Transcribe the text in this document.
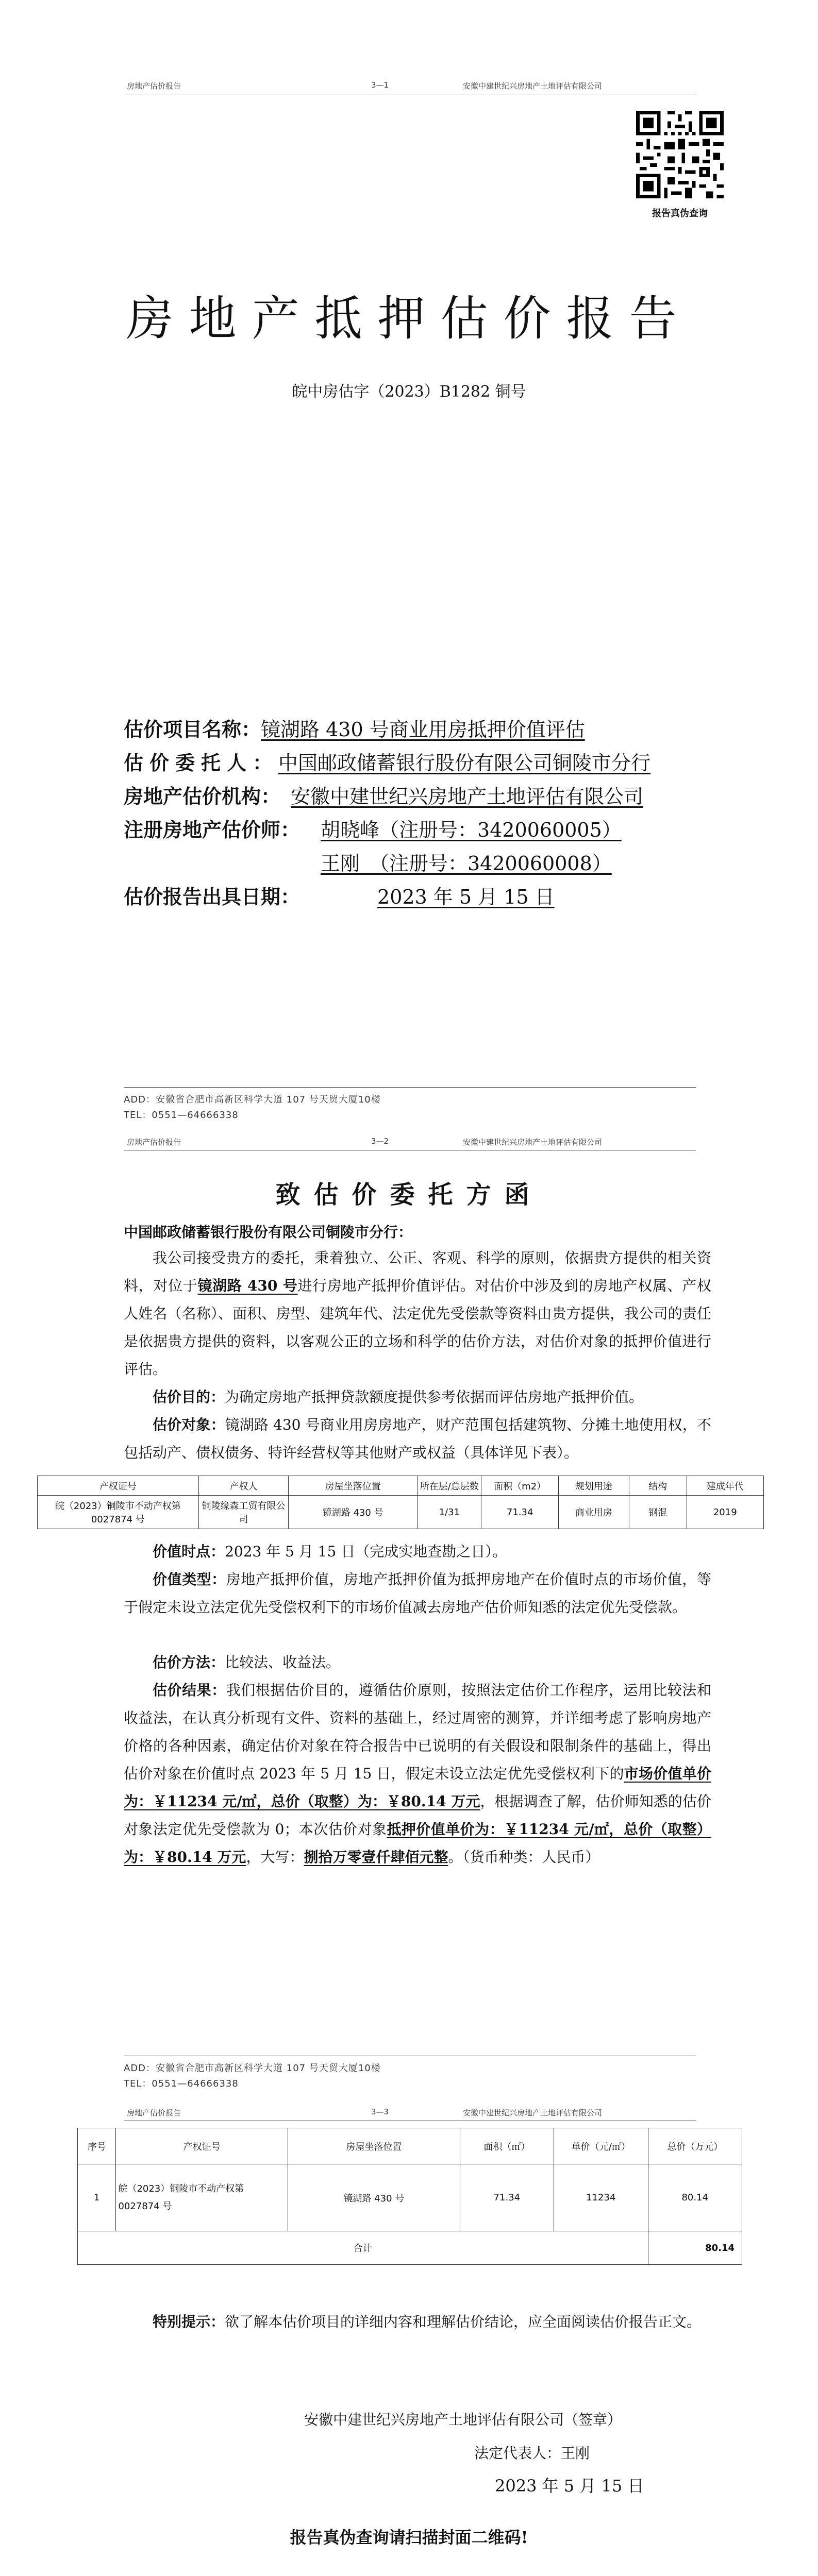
房地产估价报告	3—1	安徽中建世纪兴房地产土地评估有限公司
报告真伪查询
房地产抵押估价报告
皖中房估字（2023）B1282 铜号
估价项目名称：镜湖路 430 号商业用房抵押价值评估
估价委托人：中国邮政储蓄银行股份有限公司铜陵市分行
房地产估价机构： 安徽中建世纪兴房地产土地评估有限公司
注册房地产估价师： 胡晓峰（注册号：3420060005）
王刚　（注册号：3420060008）
估价报告出具日期：	2023 年 5 月 15 日
ADD：安徽省合肥市高新区科学大道 107 号天贸大厦10楼
TEL：0551—64666338
房地产估价报告	3—2	安徽中建世纪兴房地产土地评估有限公司
致估价委托方函
中国邮政储蓄银行股份有限公司铜陵市分行：
我公司接受贵方的委托，秉着独立、公正、客观、科学的原则，依据贵方提供的相关资料，对位于镜湖路 430 号进行房地产抵押价值评估。对估价中涉及到的房地产权属、产权人姓名（名称）、面积、房型、建筑年代、法定优先受偿款等资料由贵方提供，我公司的责任是依据贵方提供的资料，以客观公正的立场和科学的估价方法，对估价对象的抵押价值进行评估。
估价目的：为确定房地产抵押贷款额度提供参考依据而评估房地产抵押价值。
估价对象：镜湖路 430 号商业用房房地产，财产范围包括建筑物、分摊土地使用权，不包括动产、债权债务、特许经营权等其他财产或权益（具体详见下表）。
产权证号	产权人	房屋坐落位置	所在层/总层数	面积（m2）	规划用途	结构	建成年代
皖（2023）铜陵市不动产权第 0027874 号	铜陵缘森工贸有限公司	镜湖路 430 号	1/31	71.34	商业用房	钢混	2019
价值时点：2023 年 5 月 15 日（完成实地查勘之日）。
价值类型：房地产抵押价值，房地产抵押价值为抵押房地产在价值时点的市场价值，等于假定未设立法定优先受偿权利下的市场价值减去房地产估价师知悉的法定优先受偿款。
估价方法：比较法、收益法。
估价结果：我们根据估价目的，遵循估价原则，按照法定估价工作程序，运用比较法和收益法，在认真分析现有文件、资料的基础上，经过周密的测算，并详细考虑了影响房地产价格的各种因素，确定估价对象在符合报告中已说明的有关假设和限制条件的基础上，得出估价对象在价值时点 2023 年 5 月 15 日，假定未设立法定优先受偿权利下的市场价值单价为：￥11234 元/㎡，总价（取整）为：￥80.14 万元，根据调查了解，估价师知悉的估价对象法定优先受偿款为 0；本次估价对象抵押价值单价为：￥11234 元/㎡，总价（取整）为：￥80.14 万元，大写：捌拾万零壹仟肆佰元整。（货币种类：人民币）
ADD：安徽省合肥市高新区科学大道 107 号天贸大厦10楼
TEL：0551—64666338
房地产估价报告	3—3	安徽中建世纪兴房地产土地评估有限公司
序号	产权证号	房屋坐落位置	面积（㎡）	单价（元/㎡）	总价（万元）
1	皖（2023）铜陵市不动产权第 0027874 号	镜湖路 430 号	71.34	11234	80.14
合计					80.14
特别提示：欲了解本估价项目的详细内容和理解估价结论，应全面阅读估价报告正文。
安徽中建世纪兴房地产土地评估有限公司（签章）
法定代表人：王刚
2023 年 5 月 15 日
报告真伪查询请扫描封面二维码!
